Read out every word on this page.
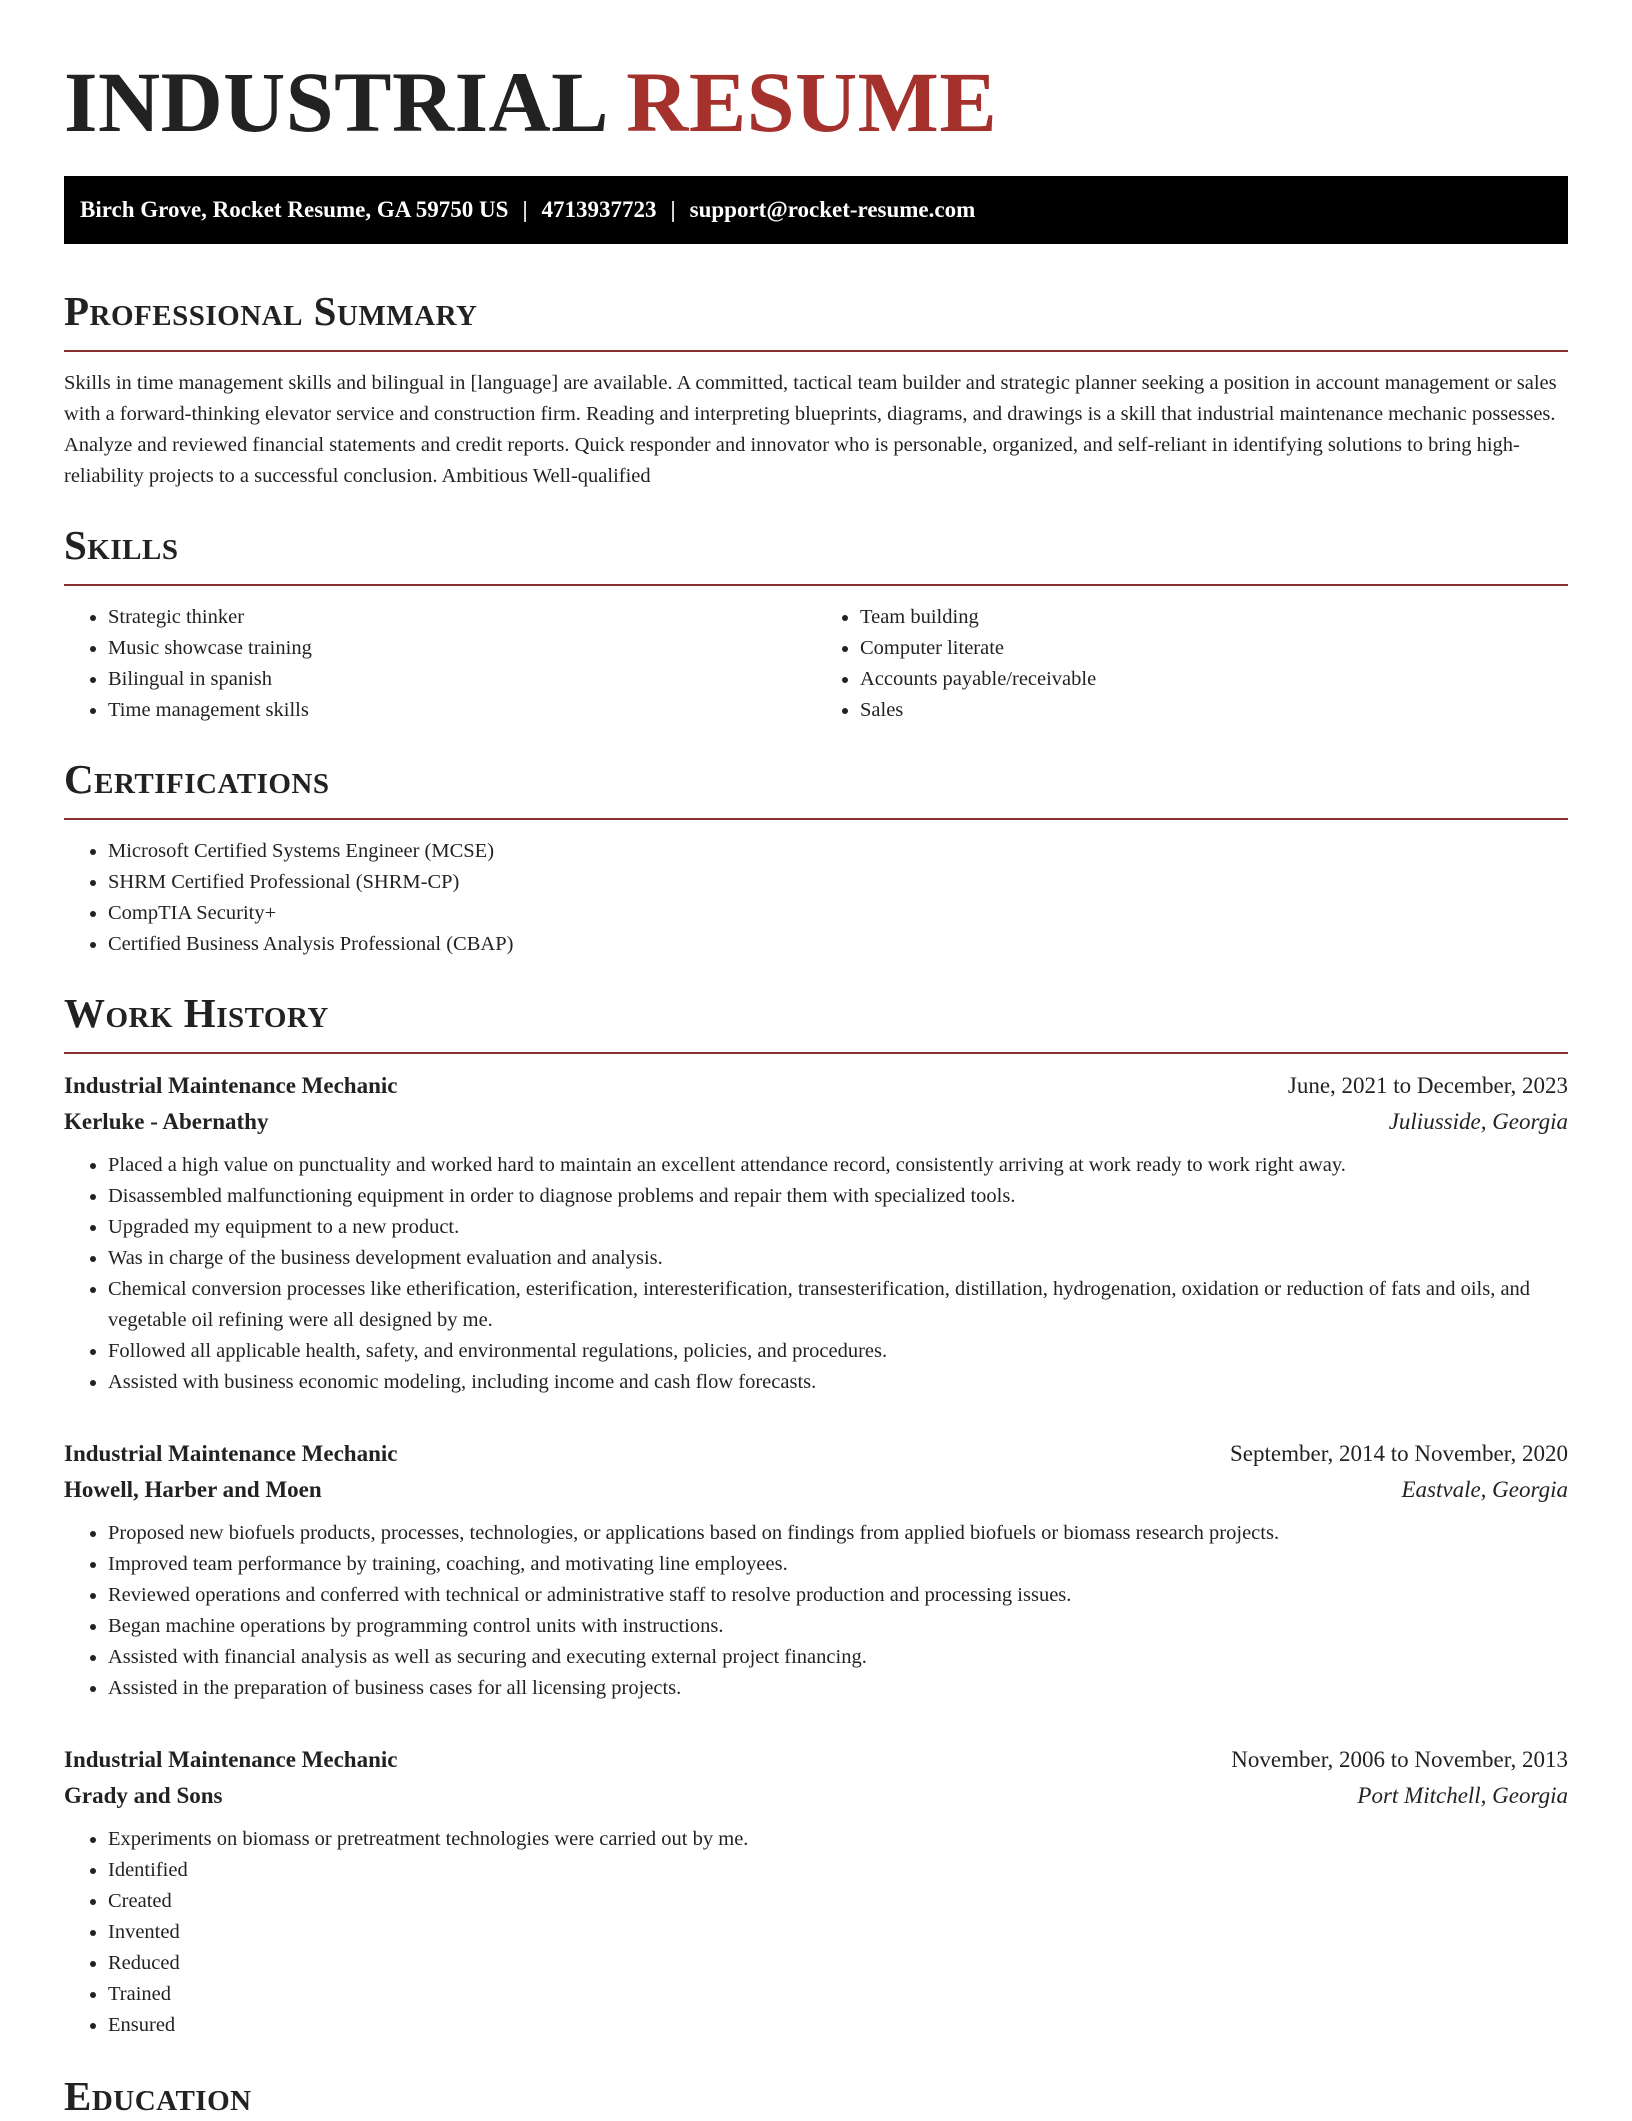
INDUSTRIAL RESUME
Birch Grove, Rocket Resume, GA 59750 US | 4713937723 | support@rocket-resume.com
Professional Summary

Skills in time management skills and bilingual in [language] are available. A committed, tactical team builder and strategic planner seeking a position in account management or sales with a forward-thinking elevator service and construction firm. Reading and interpreting blueprints, diagrams, and drawings is a skill that industrial maintenance mechanic possesses. Analyze and reviewed financial statements and credit reports. Quick responder and innovator who is personable, organized, and self-reliant in identifying solutions to bring high-reliability projects to a successful conclusion. Ambitious Well-qualified

Skills
• Strategic thinker
• Music showcase training
• Bilingual in spanish
• Time management skills
• Team building
• Computer literate
• Accounts payable/receivable
• Sales
Certifications
• Microsoft Certified Systems Engineer (MCSE)
• SHRM Certified Professional (SHRM-CP)
• CompTIA Security+
• Certified Business Analysis Professional (CBAP)
Work History
Industrial Maintenance Mechanic	June, 2021 to December, 2023
Kerluke - Abernathy	Juliusside, Georgia
• Placed a high value on punctuality and worked hard to maintain an excellent attendance record, consistently arriving at work ready to work right away.
• Disassembled malfunctioning equipment in order to diagnose problems and repair them with specialized tools.
• Upgraded my equipment to a new product.
• Was in charge of the business development evaluation and analysis.
• Chemical conversion processes like etherification, esterification, interesterification, transesterification, distillation, hydrogenation, oxidation or reduction of fats and oils, and vegetable oil refining were all designed by me.
• Followed all applicable health, safety, and environmental regulations, policies, and procedures.
• Assisted with business economic modeling, including income and cash flow forecasts.
Industrial Maintenance Mechanic	September, 2014 to November, 2020
Howell, Harber and Moen	Eastvale, Georgia
• Proposed new biofuels products, processes, technologies, or applications based on findings from applied biofuels or biomass research projects.
• Improved team performance by training, coaching, and motivating line employees.
• Reviewed operations and conferred with technical or administrative staff to resolve production and processing issues.
• Began machine operations by programming control units with instructions.
• Assisted with financial analysis as well as securing and executing external project financing.
• Assisted in the preparation of business cases for all licensing projects.
Industrial Maintenance Mechanic	November, 2006 to November, 2013
Grady and Sons	Port Mitchell, Georgia
• Experiments on biomass or pretreatment technologies were carried out by me.
• Identified
• Created
• Invented
• Reduced
• Trained
• Ensured
Education
